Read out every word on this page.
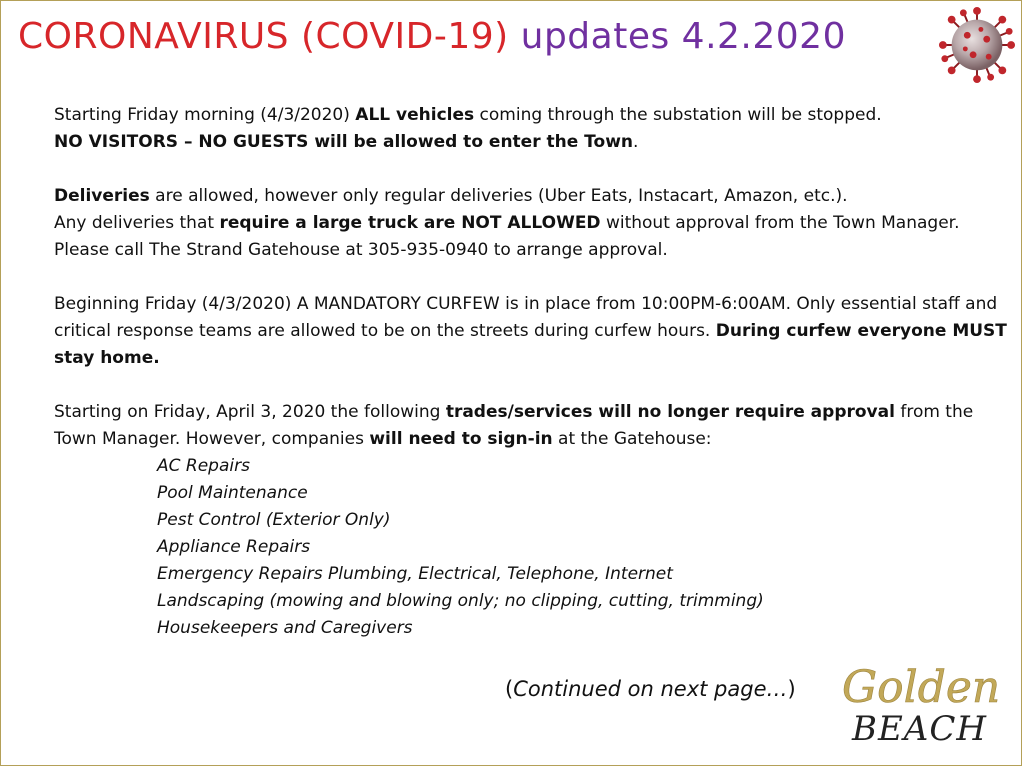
CORONAVIRUS (COVID-19) updates 4.2.2020

Starting Friday morning (4/3/2020) ALL vehicles coming through the substation will be stopped.
NO VISITORS – NO GUESTS will be allowed to enter the Town.

Deliveries are allowed, however only regular deliveries (Uber Eats, Instacart, Amazon, etc.).
Any deliveries that require a large truck are NOT ALLOWED without approval from the Town Manager.
Please call The Strand Gatehouse at 305-935-0940 to arrange approval.

Beginning Friday (4/3/2020) A MANDATORY CURFEW is in place from 10:00PM-6:00AM. Only essential staff and critical response teams are allowed to be on the streets during curfew hours. During curfew everyone MUST stay home.

Starting on Friday, April 3, 2020 the following trades/services will no longer require approval from the Town Manager. However, companies will need to sign-in at the Gatehouse:

AC Repairs
Pool Maintenance
Pest Control (Exterior Only)
Appliance Repairs
Emergency Repairs Plumbing, Electrical, Telephone, Internet
Landscaping (mowing and blowing only; no clipping, cutting, trimming)
Housekeepers and Caregivers
(Continued on next page…) Golden
BEACH
